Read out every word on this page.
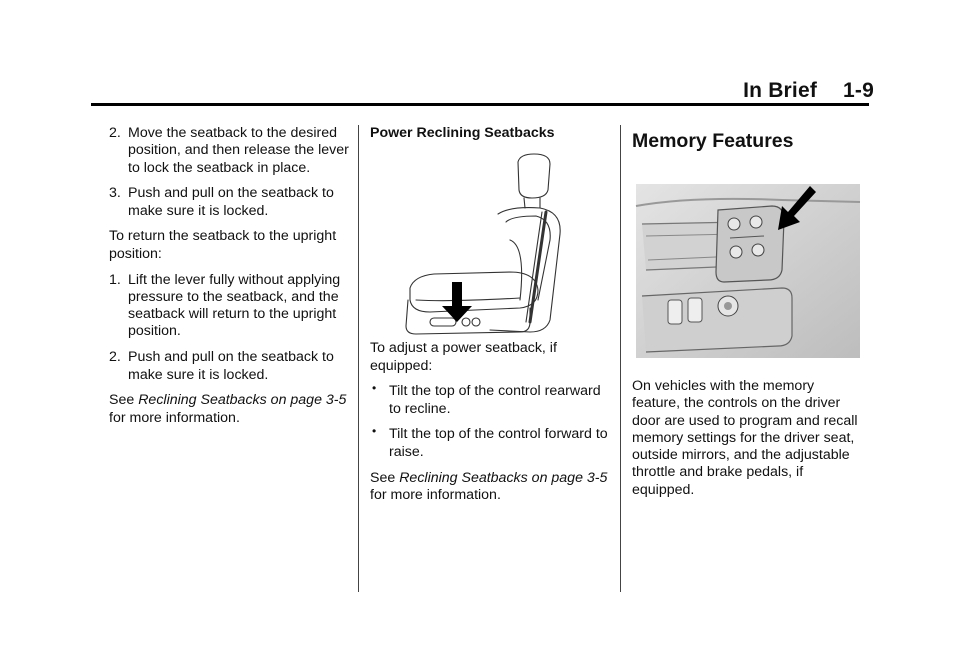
In Brief 1-9
2. Move the seatback to the desired position, and then release the lever to lock the seatback in place.
3. Push and pull on the seatback to make sure it is locked.

To return the seatback to the upright position:

1. Lift the lever fully without applying pressure to the seatback, and the seatback will return to the upright position.
2. Push and pull on the seatback to make sure it is locked.

See Reclining Seatbacks on page 3-5 for more information.

Power Reclining Seatbacks

To adjust a power seatback, if equipped:

• Tilt the top of the control rearward to recline.
• Tilt the top of the control forward to raise.

See Reclining Seatbacks on page 3-5 for more information.

Memory Features

On vehicles with the memory feature, the controls on the driver door are used to program and recall memory settings for the driver seat, outside mirrors, and the adjustable throttle and brake pedals, if equipped.
